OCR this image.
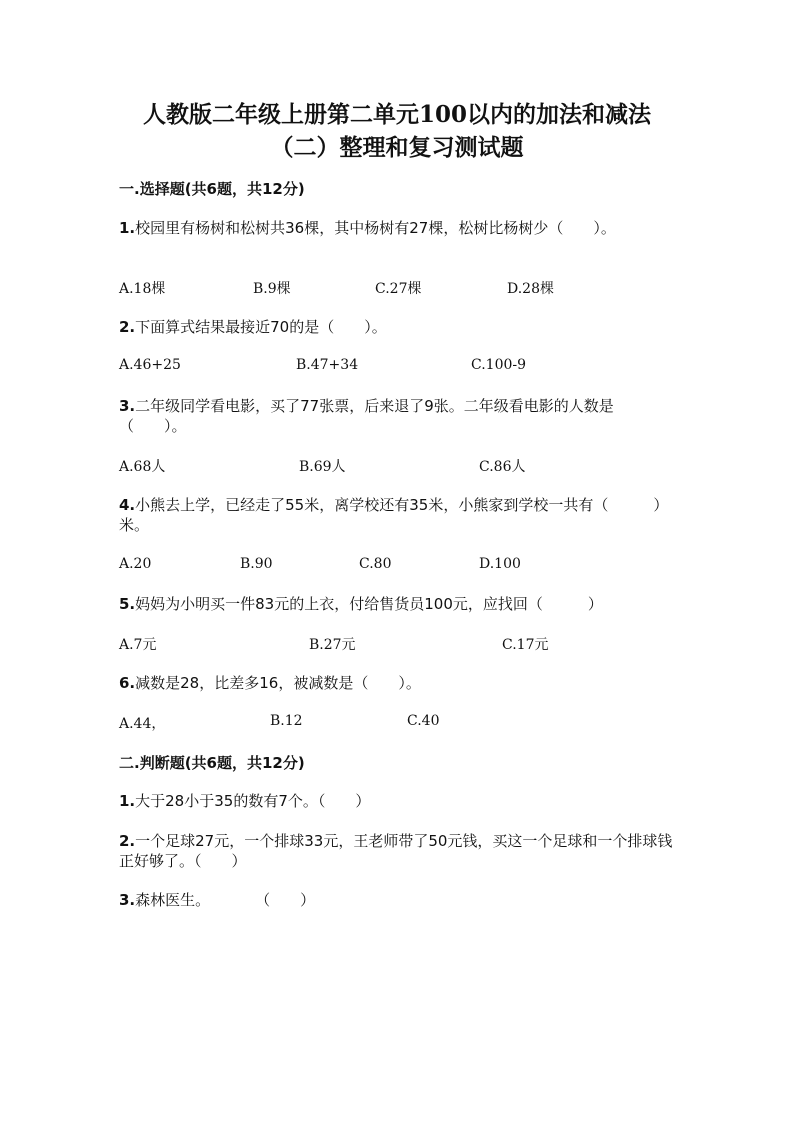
人教版二年级上册第二单元100以内的加法和减法
（二）整理和复习测试题
一.选择题(共6题，共12分)
1.校园里有杨树和松树共36棵，其中杨树有27棵，松树比杨树少（　　）。
A.18棵	B.9棵	C.27棵	D.28棵
2.下面算式结果最接近70的是（　　）。
A.46+25	B.47+34	C.100-9
3.二年级同学看电影，买了77张票，后来退了9张。二年级看电影的人数是（　　）。
A.68人	B.69人	C.86人
4.小熊去上学，已经走了55米，离学校还有35米，小熊家到学校一共有（　　　）米。
A.20	B.90	C.80	D.100
5.妈妈为小明买一件83元的上衣，付给售货员100元，应找回（　　　）
A.7元	B.27元	C.17元
6.减数是28，比差多16，被减数是（　　）。
A.44，	B.12	C.40
二.判断题(共6题，共12分)
1.大于28小于35的数有7个。（　　）
2.一个足球27元，一个排球33元，王老师带了50元钱，买这一个足球和一个排球钱正好够了。（　　）
3.森林医生。　　　　（　　）
